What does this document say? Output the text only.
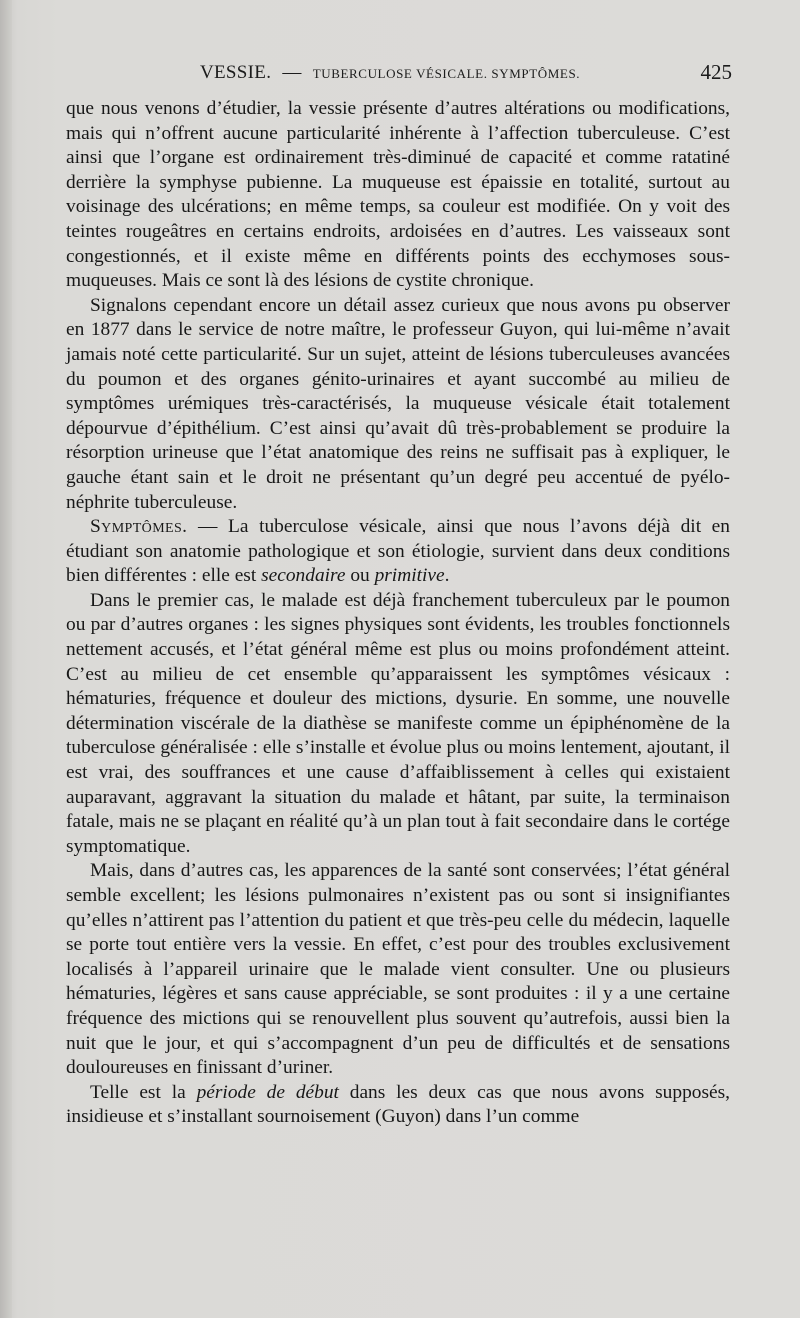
VESSIE. — TUBERCULOSE VÉSICALE. SYMPTÔMES.	425

que nous venons d’étudier, la vessie présente d’autres altérations ou modifications, mais qui n’offrent aucune particularité inhérente à l’affection tuberculeuse. C’est ainsi que l’organe est ordinairement très-diminué de capacité et comme ratatiné derrière la symphyse pubienne. La muqueuse est épaissie en totalité, surtout au voisinage des ulcérations; en même temps, sa couleur est modifiée. On y voit des teintes rougeâtres en certains endroits, ardoisées en d’autres. Les vaisseaux sont congestionnés, et il existe même en différents points des ecchymoses sous-muqueuses. Mais ce sont là des lésions de cystite chronique.

Signalons cependant encore un détail assez curieux que nous avons pu observer en 1877 dans le service de notre maître, le professeur Guyon, qui lui-même n’avait jamais noté cette particularité. Sur un sujet, atteint de lésions tuberculeuses avancées du poumon et des organes génito-urinaires et ayant succombé au milieu de symptômes urémiques très-caractérisés, la muqueuse vésicale était totalement dépourvue d’épithélium. C’est ainsi qu’avait dû très-probablement se produire la résorption urineuse que l’état anatomique des reins ne suffisait pas à expliquer, le gauche étant sain et le droit ne présentant qu’un degré peu accentué de pyélo-néphrite tuberculeuse.

Symptômes. — La tuberculose vésicale, ainsi que nous l’avons déjà dit en étudiant son anatomie pathologique et son étiologie, survient dans deux conditions bien différentes : elle est secondaire ou primitive.

Dans le premier cas, le malade est déjà franchement tuberculeux par le poumon ou par d’autres organes : les signes physiques sont évidents, les troubles fonctionnels nettement accusés, et l’état général même est plus ou moins profondément atteint. C’est au milieu de cet ensemble qu’apparaissent les symptômes vésicaux : hématuries, fréquence et douleur des mictions, dysurie. En somme, une nouvelle détermination viscérale de la diathèse se manifeste comme un épiphénomène de la tuberculose généralisée : elle s’installe et évolue plus ou moins lentement, ajoutant, il est vrai, des souffrances et une cause d’affaiblissement à celles qui existaient auparavant, aggravant la situation du malade et hâtant, par suite, la terminaison fatale, mais ne se plaçant en réalité qu’à un plan tout à fait secondaire dans le cortége symptomatique.

Mais, dans d’autres cas, les apparences de la santé sont conservées; l’état général semble excellent; les lésions pulmonaires n’existent pas ou sont si insignifiantes qu’elles n’attirent pas l’attention du patient et que très-peu celle du médecin, laquelle se porte tout entière vers la vessie. En effet, c’est pour des troubles exclusivement localisés à l’appareil urinaire que le malade vient consulter. Une ou plusieurs hématuries, légères et sans cause appréciable, se sont produites : il y a une certaine fréquence des mictions qui se renouvellent plus souvent qu’autrefois, aussi bien la nuit que le jour, et qui s’accompagnent d’un peu de difficultés et de sensations douloureuses en finissant d’uriner.

Telle est la période de début dans les deux cas que nous avons supposés, insidieuse et s’installant sournoisement (Guyon) dans l’un comme
